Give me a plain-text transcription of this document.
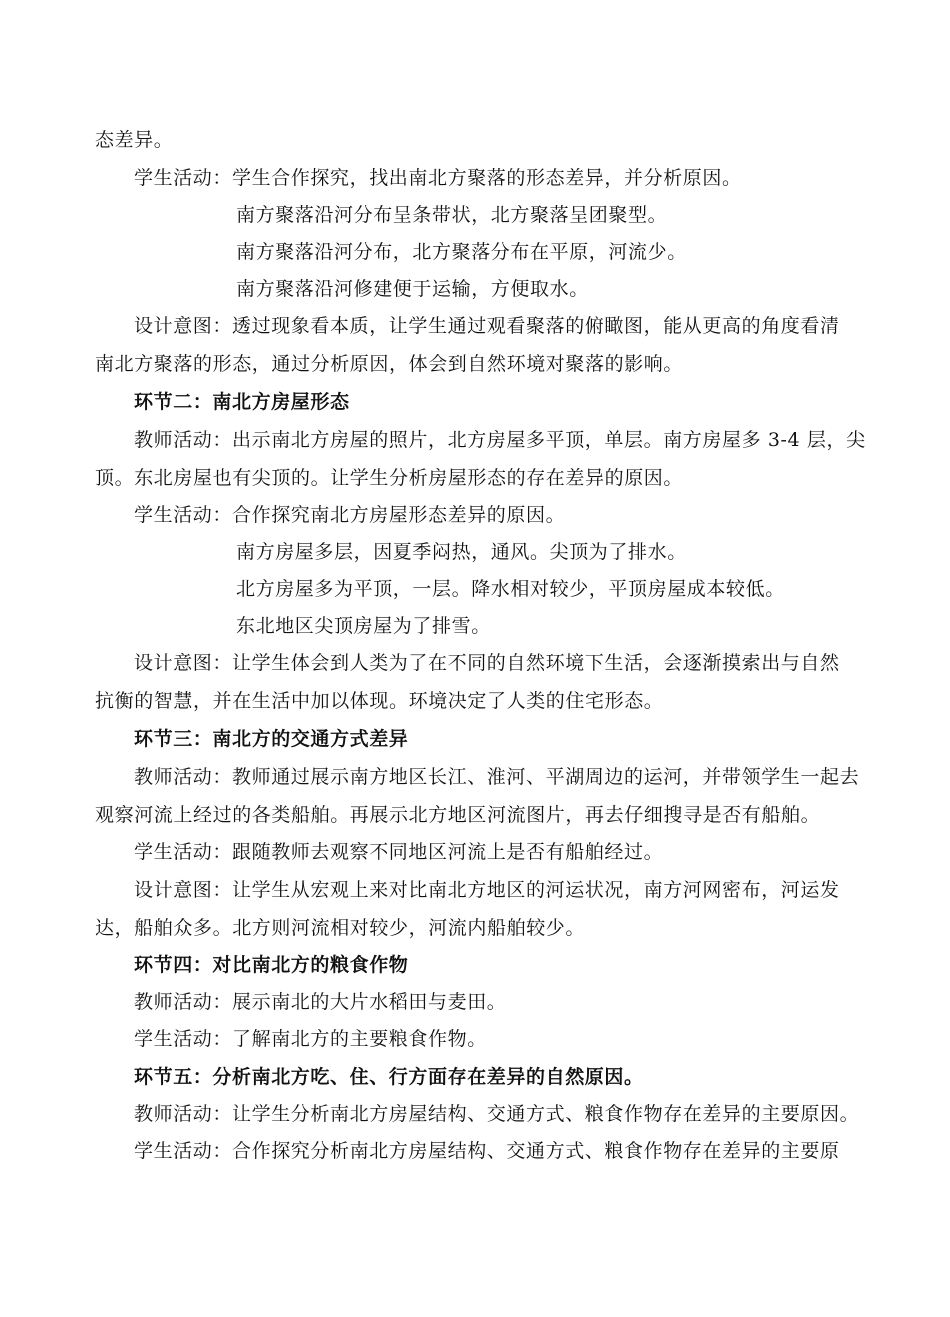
态差异。
学生活动：学生合作探究，找出南北方聚落的形态差异，并分析原因。
南方聚落沿河分布呈条带状，北方聚落呈团聚型。
南方聚落沿河分布，北方聚落分布在平原，河流少。
南方聚落沿河修建便于运输，方便取水。
设计意图：透过现象看本质，让学生通过观看聚落的俯瞰图，能从更高的角度看清
南北方聚落的形态，通过分析原因，体会到自然环境对聚落的影响。
环节二：南北方房屋形态
教师活动：出示南北方房屋的照片，北方房屋多平顶，单层。南方房屋多 3-4 层，尖
顶。东北房屋也有尖顶的。让学生分析房屋形态的存在差异的原因。
学生活动：合作探究南北方房屋形态差异的原因。
南方房屋多层，因夏季闷热，通风。尖顶为了排水。
北方房屋多为平顶，一层。降水相对较少，平顶房屋成本较低。
东北地区尖顶房屋为了排雪。
设计意图：让学生体会到人类为了在不同的自然环境下生活，会逐渐摸索出与自然
抗衡的智慧，并在生活中加以体现。环境决定了人类的住宅形态。
环节三：南北方的交通方式差异
教师活动：教师通过展示南方地区长江、淮河、平湖周边的运河，并带领学生一起去
观察河流上经过的各类船舶。再展示北方地区河流图片，再去仔细搜寻是否有船舶。
学生活动：跟随教师去观察不同地区河流上是否有船舶经过。
设计意图：让学生从宏观上来对比南北方地区的河运状况，南方河网密布，河运发
达，船舶众多。北方则河流相对较少，河流内船舶较少。
环节四：对比南北方的粮食作物
教师活动：展示南北的大片水稻田与麦田。
学生活动：了解南北方的主要粮食作物。
环节五：分析南北方吃、住、行方面存在差异的自然原因。
教师活动：让学生分析南北方房屋结构、交通方式、粮食作物存在差异的主要原因。
学生活动：合作探究分析南北方房屋结构、交通方式、粮食作物存在差异的主要原
